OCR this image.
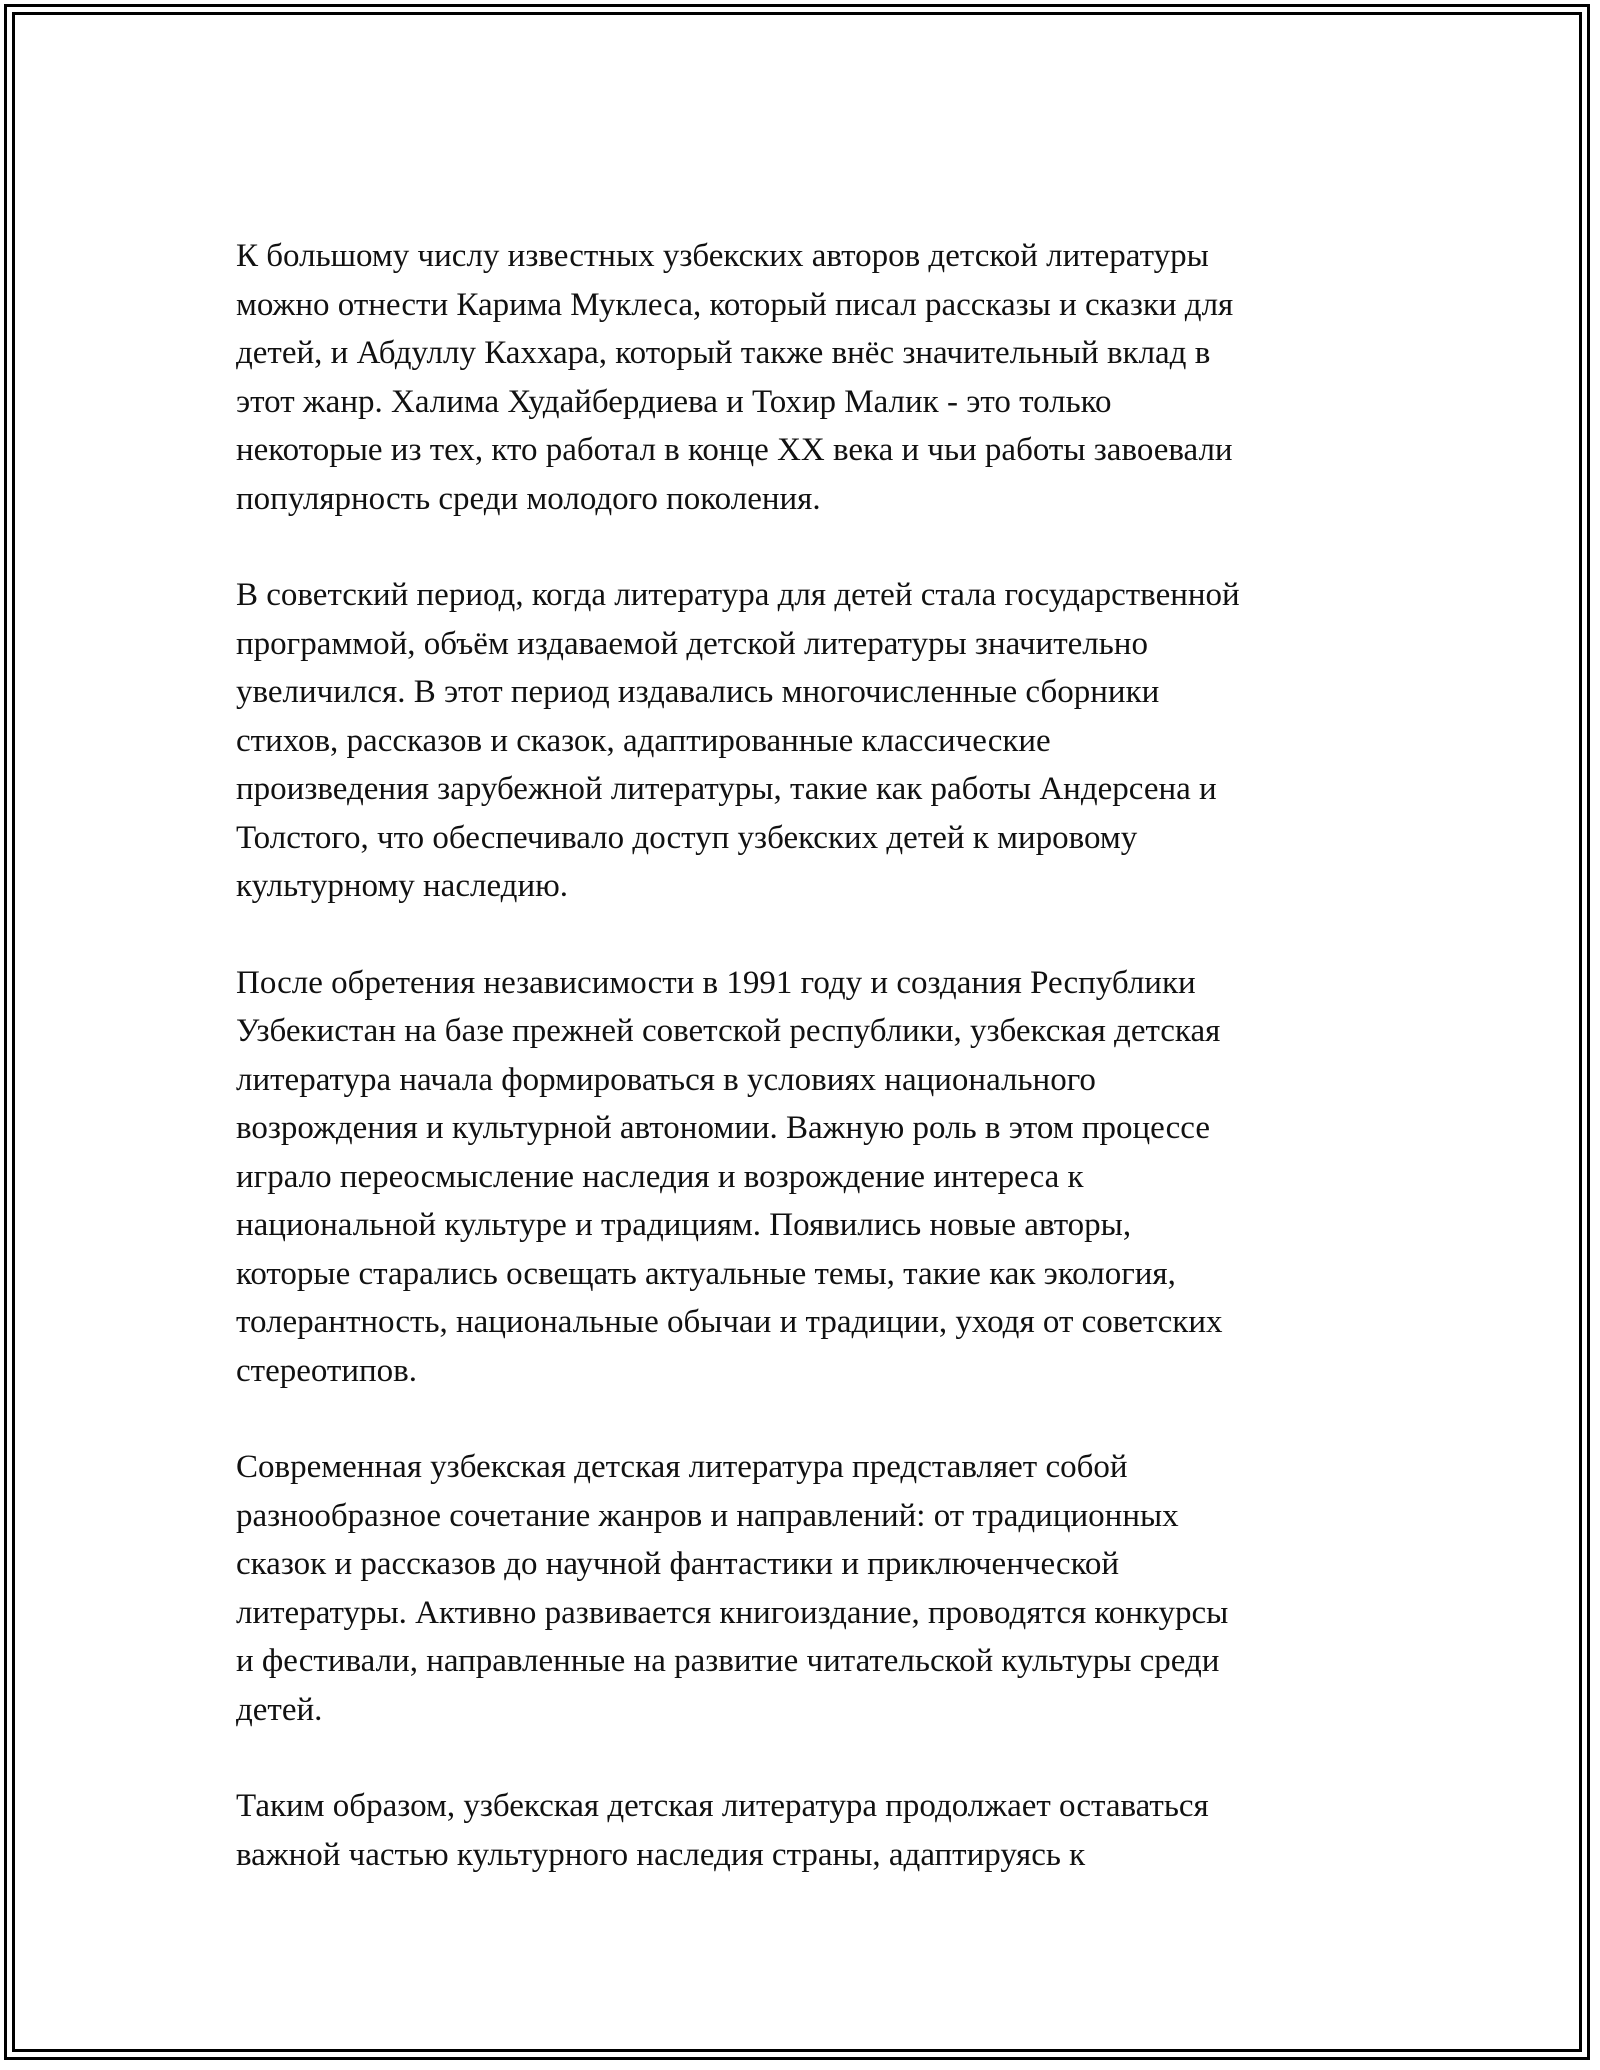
К большому числу известных узбекских авторов детской литературы
можно отнести Карима Муклеса, который писал рассказы и сказки для
детей, и Абдуллу Каххара, который также внёс значительный вклад в
этот жанр. Халима Худайбердиева и Тохир Малик - это только
некоторые из тех, кто работал в конце XX века и чьи работы завоевали
популярность среди молодого поколения.

В советский период, когда литература для детей стала государственной
программой, объём издаваемой детской литературы значительно
увеличился. В этот период издавались многочисленные сборники
стихов, рассказов и сказок, адаптированные классические
произведения зарубежной литературы, такие как работы Андерсена и
Толстого, что обеспечивало доступ узбекских детей к мировому
культурному наследию.

После обретения независимости в 1991 году и создания Республики
Узбекистан на базе прежней советской республики, узбекская детская
литература начала формироваться в условиях национального
возрождения и культурной автономии. Важную роль в этом процессе
играло переосмысление наследия и возрождение интереса к
национальной культуре и традициям. Появились новые авторы,
которые старались освещать актуальные темы, такие как экология,
толерантность, национальные обычаи и традиции, уходя от советских
стереотипов.

Современная узбекская детская литература представляет собой
разнообразное сочетание жанров и направлений: от традиционных
сказок и рассказов до научной фантастики и приключенческой
литературы. Активно развивается книгоиздание, проводятся конкурсы
и фестивали, направленные на развитие читательской культуры среди
детей.

Таким образом, узбекская детская литература продолжает оставаться
важной частью культурного наследия страны, адаптируясь к
